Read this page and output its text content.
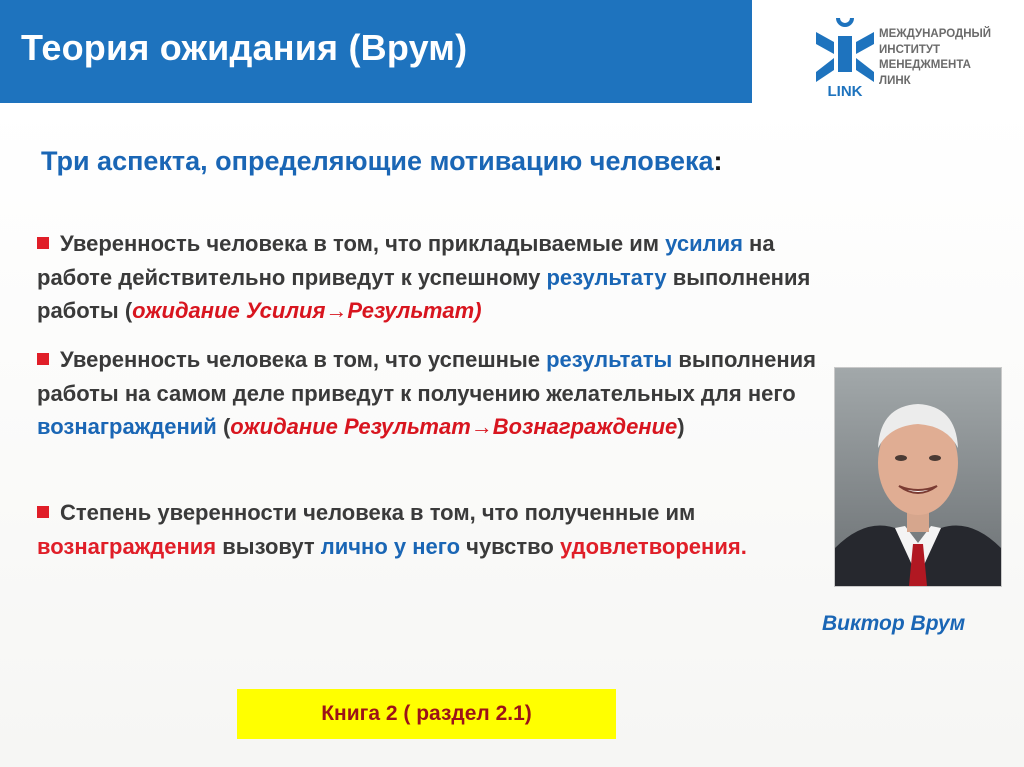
Теория ожидания (Врум)
LINK
МЕЖДУНАРОДНЫЙ
ИНСТИТУТ
МЕНЕДЖМЕНТА
ЛИНК
Три аспекта, определяющие мотивацию человека:
Уверенность человека в том, что прикладываемые им усилия на работе действительно приведут к успешному результату выполнения работы (ожидание Усилия→Результат)
Уверенность человека в том, что успешные результаты выполнения работы на самом деле приведут к получению желательных для него вознаграждений (ожидание Результат→Вознаграждение)
Степень уверенности человека в том, что полученные им вознаграждения вызовут лично у него чувство удовлетворения.
Виктор Врум
Книга 2 ( раздел 2.1)
